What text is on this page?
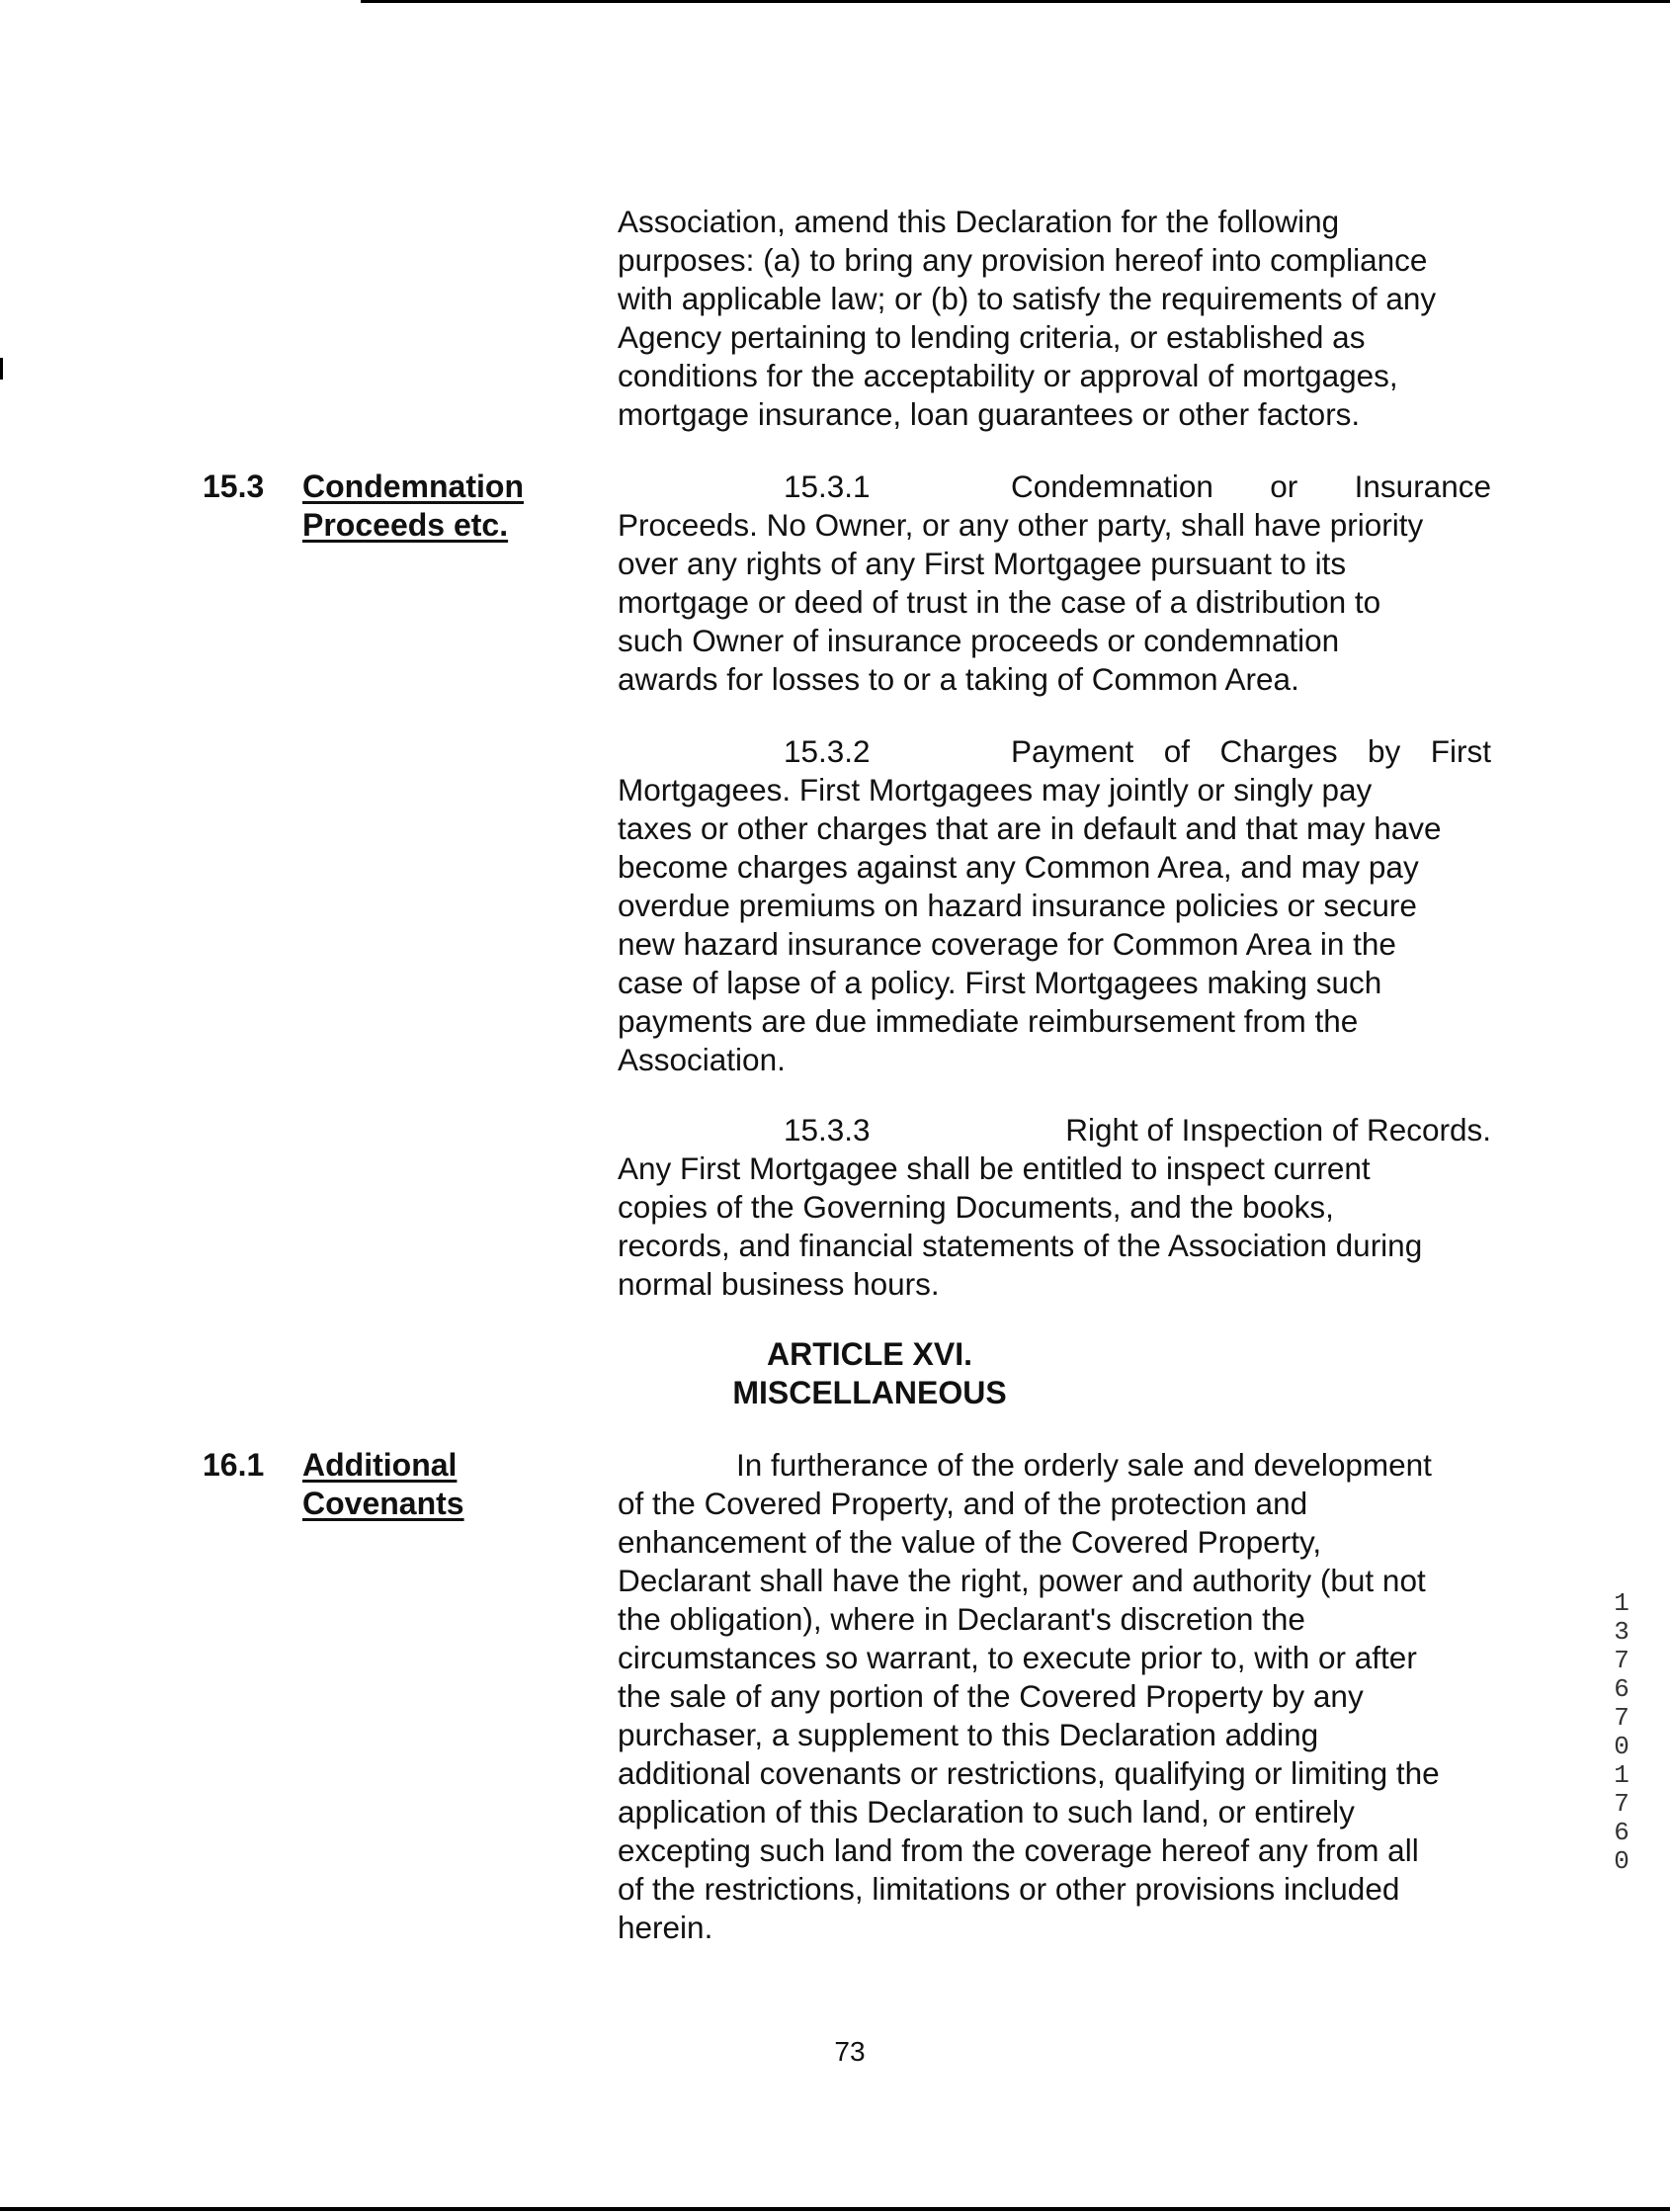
Association, amend this Declaration for the following
purposes: (a) to bring any provision hereof into compliance
with applicable law; or (b) to satisfy the requirements of any
Agency pertaining to lending criteria, or established as
conditions for the acceptability or approval of mortgages,
mortgage insurance, loan guarantees or other factors.
15.3 Condemnation
Proceeds etc.
15.3.1	Condemnation or Insurance
Proceeds. No Owner, or any other party, shall have priority
over any rights of any First Mortgagee pursuant to its
mortgage or deed of trust in the case of a distribution to
such Owner of insurance proceeds or condemnation
awards for losses to or a taking of Common Area.
15.3.2	Payment of Charges by First
Mortgagees. First Mortgagees may jointly or singly pay
taxes or other charges that are in default and that may have
become charges against any Common Area, and may pay
overdue premiums on hazard insurance policies or secure
new hazard insurance coverage for Common Area in the
case of lapse of a policy. First Mortgagees making such
payments are due immediate reimbursement from the
Association.
15.3.3	Right of Inspection of Records.
Any First Mortgagee shall be entitled to inspect current
copies of the Governing Documents, and the books,
records, and financial statements of the Association during
normal business hours.
ARTICLE XVI.
MISCELLANEOUS
16.1 Additional
Covenants
In furtherance of the orderly sale and development
of the Covered Property, and of the protection and
enhancement of the value of the Covered Property,
Declarant shall have the right, power and authority (but not
the obligation), where in Declarant's discretion the
circumstances so warrant, to execute prior to, with or after
the sale of any portion of the Covered Property by any
purchaser, a supplement to this Declaration adding
additional covenants or restrictions, qualifying or limiting the
application of this Declaration to such land, or entirely
excepting such land from the coverage hereof any from all
of the restrictions, limitations or other provisions included
herein.
13767 01760
73
